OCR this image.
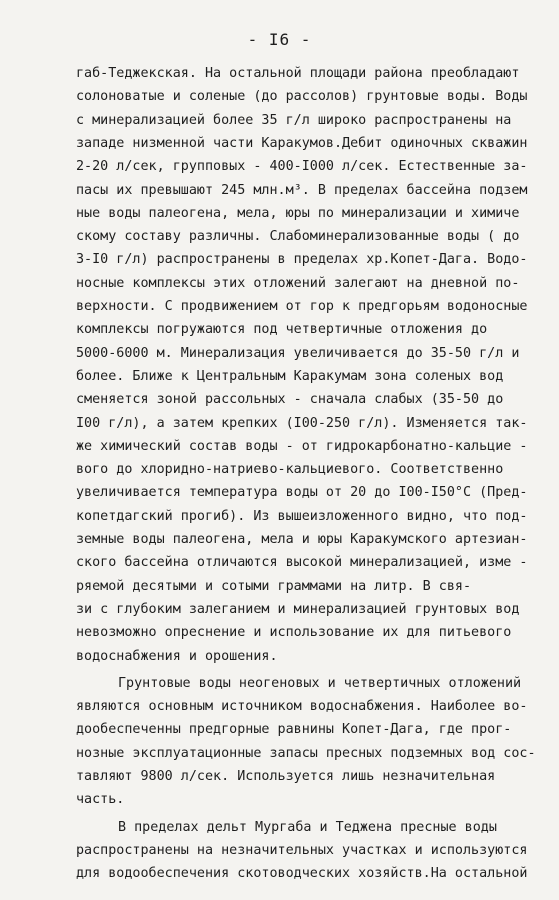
- I6 -
габ-Теджекская. На остальной площади района преобладают
солоноватые и соленые (до рассолов) грунтовые воды. Воды
с минерализацией более 35 г/л широко распространены на
западе низменной части Каракумов.Дебит одиночных скважин
2-20 л/сек, групповых - 400-I000 л/сек. Естественные за-
пасы их превышают 245 млн.м³. В пределах бассейна подзем
ные воды палеогена, мела, юры по минерализации и химиче
скому составу различны. Слабоминерализованные воды ( до
3-I0 г/л) распространены в пределах хр.Копет-Дага. Водо-
носные комплексы этих отложений залегают на дневной по-
верхности. С продвижением от гор к предгорьям водоносные
комплексы погружаются под четвертичные отложения до
5000-6000 м. Минерализация увеличивается до 35-50 г/л и
более. Ближе к Центральным Каракумам зона соленых вод
сменяется зоной рассольных - сначала слабых (35-50 до
I00 г/л), а затем крепких (I00-250 г/л). Изменяется так-
же химический состав воды - от гидрокарбонатно-кальцие -
вого до хлоридно-натриево-кальциевого. Соответственно
увеличивается температура воды от 20 до I00-I50°С (Пред-
копетдагский прогиб). Из вышеизложенного видно, что под-
земные воды палеогена, мела и юры Каракумского артезиан-
ского бассейна отличаются высокой минерализацией, изме -
ряемой десятыми и сотыми граммами на литр. В свя-
зи с глубоким залеганием и минерализацией грунтовых вод
невозможно опреснение и использование их для питьевого
водоснабжения и орошения.
Грунтовые воды неогеновых и четвертичных отложений
являются основным источником водоснабжения. Наиболее во-
дообеспеченны предгорные равнины Копет-Дага, где прог-
нозные эксплуатационные запасы пресных подземных вод сос-
тавляют 9800 л/сек. Используется лишь незначительная
часть.
В пределах дельт Мургаба и Теджена пресные воды
распространены на незначительных участках и используются
для водообеспечения скотоводческих хозяйств.На остальной
